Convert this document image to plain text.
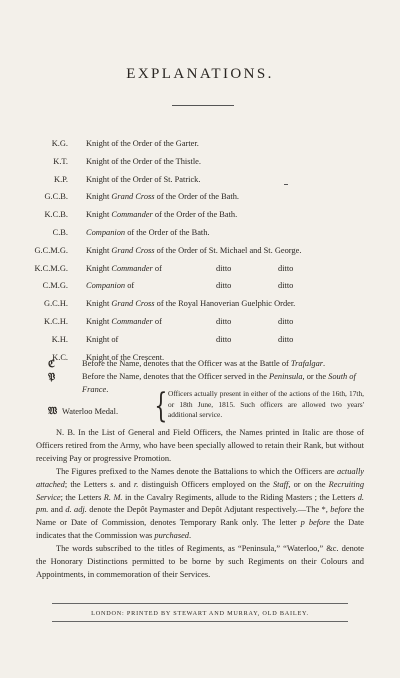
EXPLANATIONS.
K.G. Knight of the Order of the Garter.
K.T. Knight of the Order of the Thistle.
K.P. Knight of the Order of St. Patrick.
G.C.B. Knight Grand Cross of the Order of the Bath.
K.C.B. Knight Commander of the Order of the Bath.
C.B. Companion of the Order of the Bath.
G.C.M.G. Knight Grand Cross of the Order of St. Michael and St. George.
K.C.M.G. Knight Commander of	ditto	ditto
C.M.G. Companion of	ditto	ditto
G.C.H. Knight Grand Cross of the Royal Hanoverian Guelphic Order.
K.C.H. Knight Commander of	ditto	ditto
K.H. Knight of	ditto	ditto
K.C. Knight of the Crescent.
ℭ	Before the Name, denotes that the Officer was at the Battle of Trafalgar.
𝔓	Before the Name, denotes that the Officer served in the Peninsula, or the South of France.
𝔚 Waterloo Medal. { Officers actually present in either of the actions of the 16th, 17th, or 18th June, 1815. Such officers are allowed two years' additional service.
N. B. In the List of General and Field Officers, the Names printed in Italic are those of Officers retired from the Army, who have been specially allowed to retain their Rank, but without receiving Pay or progressive Promotion.
The Figures prefixed to the Names denote the Battalions to which the Officers are actually attached; the Letters s. and r. distinguish Officers employed on the Staff, or on the Recruiting Service; the Letters R. M. in the Cavalry Regiments, allude to the Riding Masters ; the Letters d. pm. and d. adj. denote the Depôt Paymaster and Depôt Adjutant respectively.—The *, before the Name or Date of Commission, denotes Temporary Rank only. The letter p before the Date indicates that the Commission was purchased.
The words subscribed to the titles of Regiments, as “Peninsula,” “Waterloo,” &c. denote the Honorary Distinctions permitted to be borne by such Regiments on their Colours and Appointments, in commemoration of their Services.
LONDON: PRINTED BY STEWART AND MURRAY, OLD BAILEY.
